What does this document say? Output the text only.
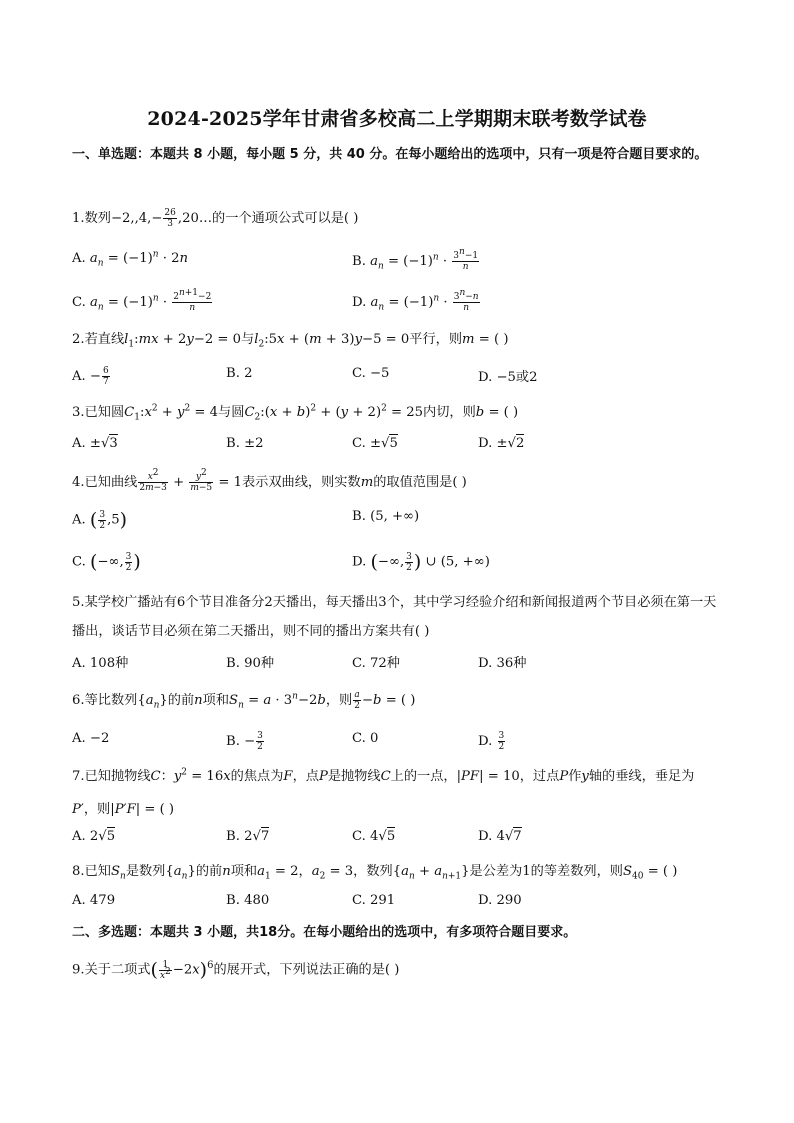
2024-2025学年甘肃省多校高二上学期期末联考数学试卷
一、单选题：本题共 8 小题，每小题 5 分，共 40 分。在每小题给出的选项中，只有一项是符合题目要求的。
1.数列$-2,,4,- \frac{26}{3}$ ,20…的一个通项公式可以是( )
A. $a_n = (-1)^n \cdot 2n$	B. $a_n = (-1)^n \cdot \frac{3^n-1}{n}$
C. $a_n = (-1)^n \cdot \frac{2^{n+1}-2}{n}$	D. $a_n = (-1)^n \cdot \frac{3^n-n}{n}$
2.若直线$l_1:mx + 2y-2 = 0$与$l_2:5x + (m + 3)y-5 = 0$平行，则m = ( )
A. − $\frac{6}{7}$	B. 2	C. −5	D. −5或2
3.已知圆$C_1:x^2 + y^2 = 4$与圆$C_2:(x + b)^2 + (y + 2)^2 = 25$内切，则b = ( )
A. ±√3	B. ±2	C. ±√5	D. ±√2
4.已知曲线 $\frac{x^2}{2m-3} + \frac{y^2}{m-5} = 1$表示双曲线，则实数m的取值范围是( )
A. ( $\frac{3}{2} ,5$)	B. (5, +∞)
C. (−∞, $\frac{3}{2}$ )	D. (−∞, $\frac{3}{2}$ ) ∪ (5, +∞)
5.某学校广播站有6个节目准备分2天播出，每天播出3个，其中学习经验介绍和新闻报道两个节目必须在第一天播出，谈话节目必须在第二天播出，则不同的播出方案共有( )
A. 108种	B. 90种	C. 72种	D. 36种
6.等比数列$\{a_n\}$的前n项和$S_n = a \cdot 3^n-2b$，则 $\frac{a}{2} -b$ = ( )
A. −2	B. − $\frac{3}{2}$	C. 0	D. $\frac{3}{2}$
7.已知抛物线C：$y^2 = 16x$的焦点为F，点P是抛物线C上的一点，|PF| = 10，过点P作y轴的垂线，垂足为
P′，则|P′F| = ( )
A. 2√5	B. 2√7	C. 4√5	D. 4√7
8.已知$S_n$是数列$\{a_n\}$的前n项和$a_1 = 2$，$a_2 = 3$，数列$\{a_n + a_{n+1}\}$是公差为1的等差数列，则$S_{40}$ = ( )
A. 479	B. 480	C. 291	D. 290
二、多选题：本题共 3 小题，共18分。在每小题给出的选项中，有多项符合题目要求。
9.关于二项式( $\frac{1}{x^2} -2x)^6$的展开式，下列说法正确的是( )
